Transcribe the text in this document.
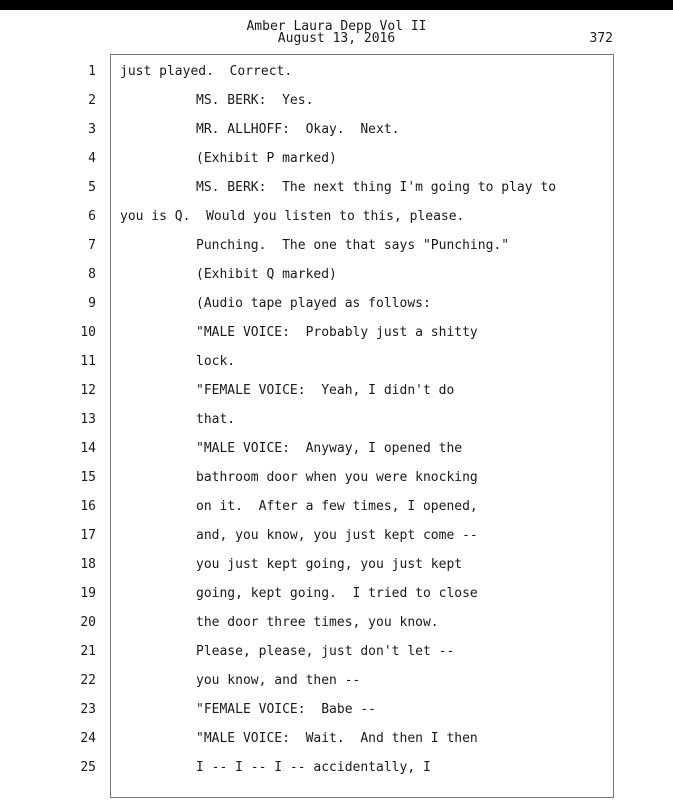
Amber Laura Depp Vol II
August 13, 2016	372
1 just played.  Correct.
2	MS. BERK:  Yes.
3	MR. ALLHOFF:  Okay.  Next.
4	(Exhibit P marked)
5	MS. BERK:  The next thing I'm going to play to
6 you is Q.  Would you listen to this, please.
7	Punching.  The one that says "Punching."
8	(Exhibit Q marked)
9	(Audio tape played as follows:
10	"MALE VOICE:  Probably just a shitty
11	lock.
12	"FEMALE VOICE:  Yeah, I didn't do
13	that.
14	"MALE VOICE:  Anyway, I opened the
15	bathroom door when you were knocking
16	on it.  After a few times, I opened,
17	and, you know, you just kept come --
18	you just kept going, you just kept
19	going, kept going.  I tried to close
20	the door three times, you know.
21	Please, please, just don't let --
22	you know, and then --
23	"FEMALE VOICE:  Babe --
24	"MALE VOICE:  Wait.  And then I then
25	I -- I -- I -- accidentally, I
